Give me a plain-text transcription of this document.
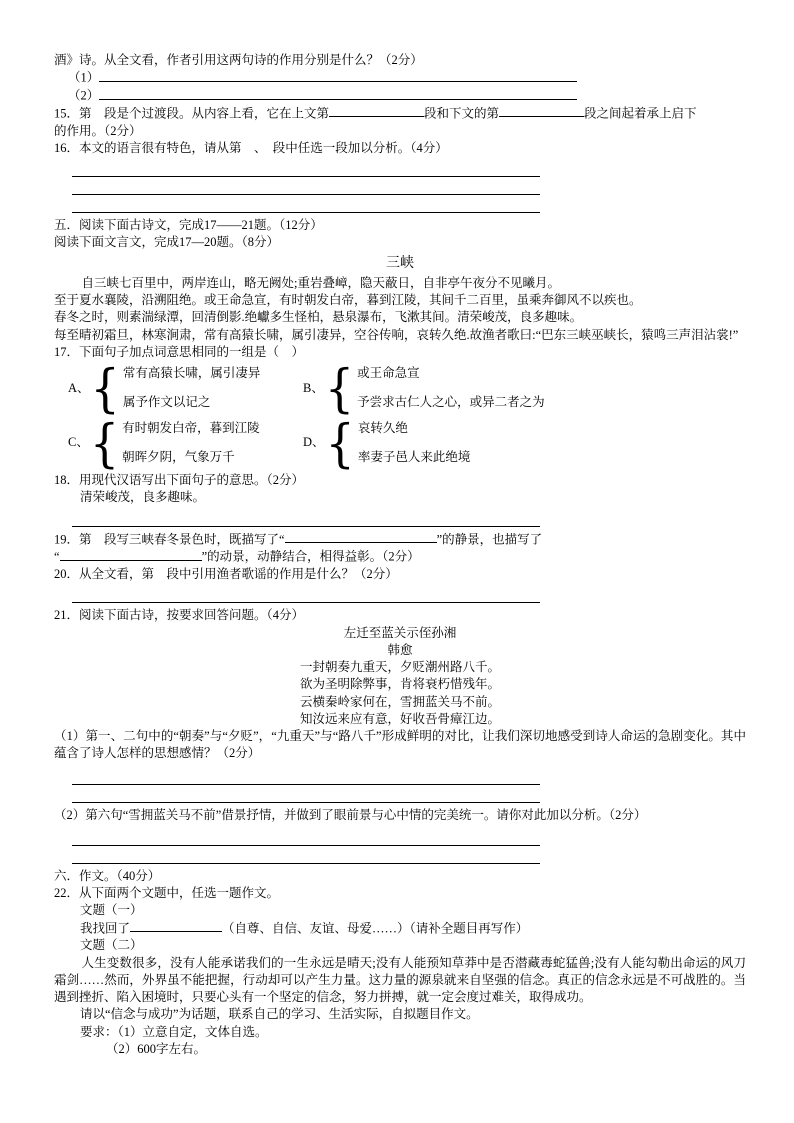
酒》诗。从全文看，作者引用这两句诗的作用分别是什么？（2分）
（1）
（2）
15．第　段是个过渡段。从内容上看，它在上文第	段和下文的第	段之间起着承上启下
的作用。（2分）
16．本文的语言很有特色，请从第　、　段中任选一段加以分析。（4分）
五．阅读下面古诗文，完成17——21题。（12分）
阅读下面文言文，完成17—20题。（8分）
三峡
自三峡七百里中，两岸连山，略无阙处;重岩叠嶂，隐天蔽日，自非亭午夜分不见曦月。
至于夏水襄陵，沿溯阻绝。或王命急宣，有时朝发白帝，暮到江陵，其间千二百里，虽乘奔御风不以疾也。
春冬之时，则素湍绿潭，回清倒影.绝巘多生怪柏，悬泉瀑布，飞漱其间。清荣峻茂，良多趣味。
每至晴初霜旦，林寒涧肃，常有高猿长啸，属引凄异，空谷传响，哀转久绝.故渔者歌曰:“巴东三峡巫峡长，猿鸣三声泪沾裳!”
17．下面句子加点词意思相同的一组是（　）
A、
{
常有高猿长啸，属引凄异
属予作文以记之
B、
{
或王命急宣
予尝求古仁人之心，或异二者之为
C、
{
有时朝发白帝，暮到江陵
朝晖夕阴，气象万千
D、
{
哀转久绝
率妻子邑人来此绝境
18．用现代汉语写出下面句子的意思。（2分）
清荣峻茂，良多趣味。
19．第　段写三峡春冬景色时，既描写了“	”的静景，也描写了
“	”的动景，动静结合，相得益彰。（2分）
20．从全文看，第　段中引用渔者歌谣的作用是什么？（2分）
21．阅读下面古诗，按要求回答问题。（4分）
左迁至蓝关示侄孙湘
韩愈
一封朝奏九重天，夕贬潮州路八千。
欲为圣明除弊事，肯将衰朽惜残年。
云横秦岭家何在，雪拥蓝关马不前。
知汝远来应有意，好收吾骨瘴江边。
（1）第一、二句中的“朝奏”与“夕贬”，“九重天”与“路八千”形成鲜明的对比，让我们深切地感受到诗人命运的急剧变化。其中蕴含了诗人怎样的思想感情？（2分）
（2）第六句“雪拥蓝关马不前”借景抒情，并做到了眼前景与心中情的完美统一。请你对此加以分析。（2分）
六．作文。（40分）
22．从下面两个文题中，任选一题作文。
文题（一）
我找回了	（自尊、自信、友谊、母爱……）（请补全题目再写作）
文题（二）
人生变数很多，没有人能承诺我们的一生永远是晴天;没有人能预知草莽中是否潜藏毒蛇猛兽;没有人能勾勒出命运的风刀霜剑……然而，外界虽不能把握，行动却可以产生力量。这力量的源泉就来自坚强的信念。真正的信念永远是不可战胜的。当遇到挫折、陷入困境时，只要心头有一个坚定的信念，努力拼搏，就一定会度过难关，取得成功。
请以“信念与成功”为话题，联系自己的学习、生活实际，自拟题目作文。
要求：（1）立意自定，文体自选。
（2）600字左右。
